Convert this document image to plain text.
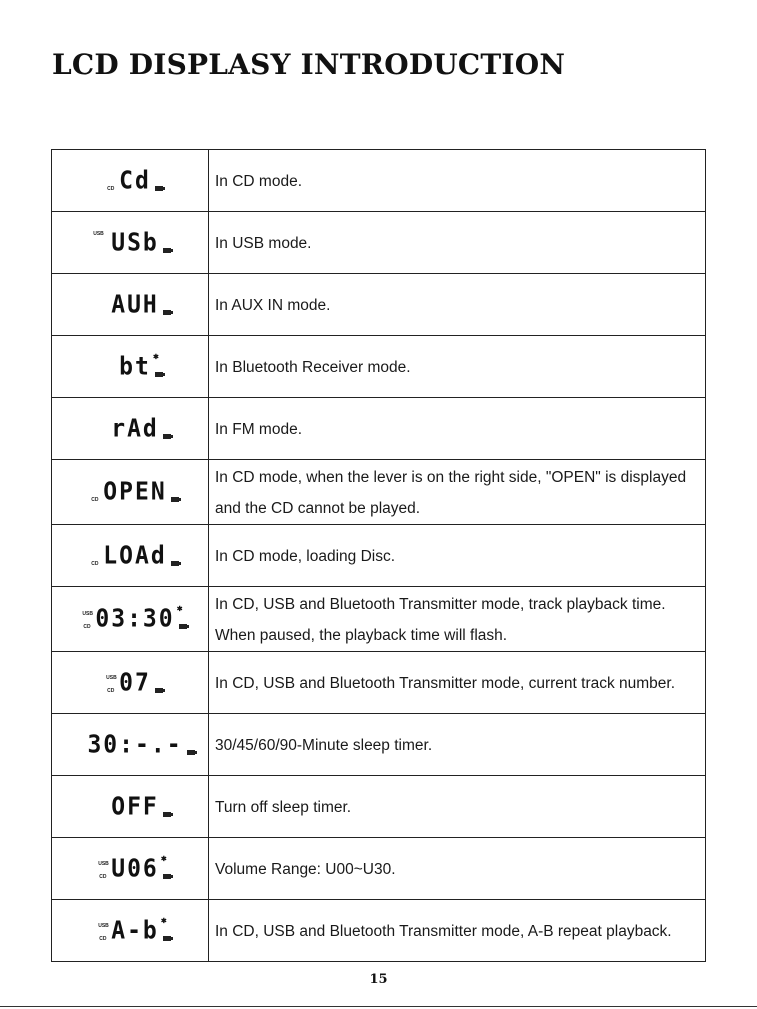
LCD DISPLASY INTRODUCTION
CD Cd	In CD mode.

USB USb	In USB mode.
AUH	In AUX IN mode.
bt ✱	In Bluetooth Receiver mode.
rAd	In FM mode.

CD OPEN	In CD mode, when the lever is on the right side, "OPEN" is displayed and the CD cannot be played.

CD LOAd	In CD mode, loading Disc.

USB
CD 03:30 ✱	In CD, USB and Bluetooth Transmitter mode, track playback time. When paused, the playback time will flash.

USB
CD 07	In CD, USB and Bluetooth Transmitter mode, current track number.
30:-.-	30/45/60/90-Minute sleep timer.
OFF	Turn off sleep timer.

USB
CD U06 ✱	Volume Range: U00~U30.

USB
CD A-b ✱	In CD, USB and Bluetooth Transmitter mode, A-B repeat playback.
15
